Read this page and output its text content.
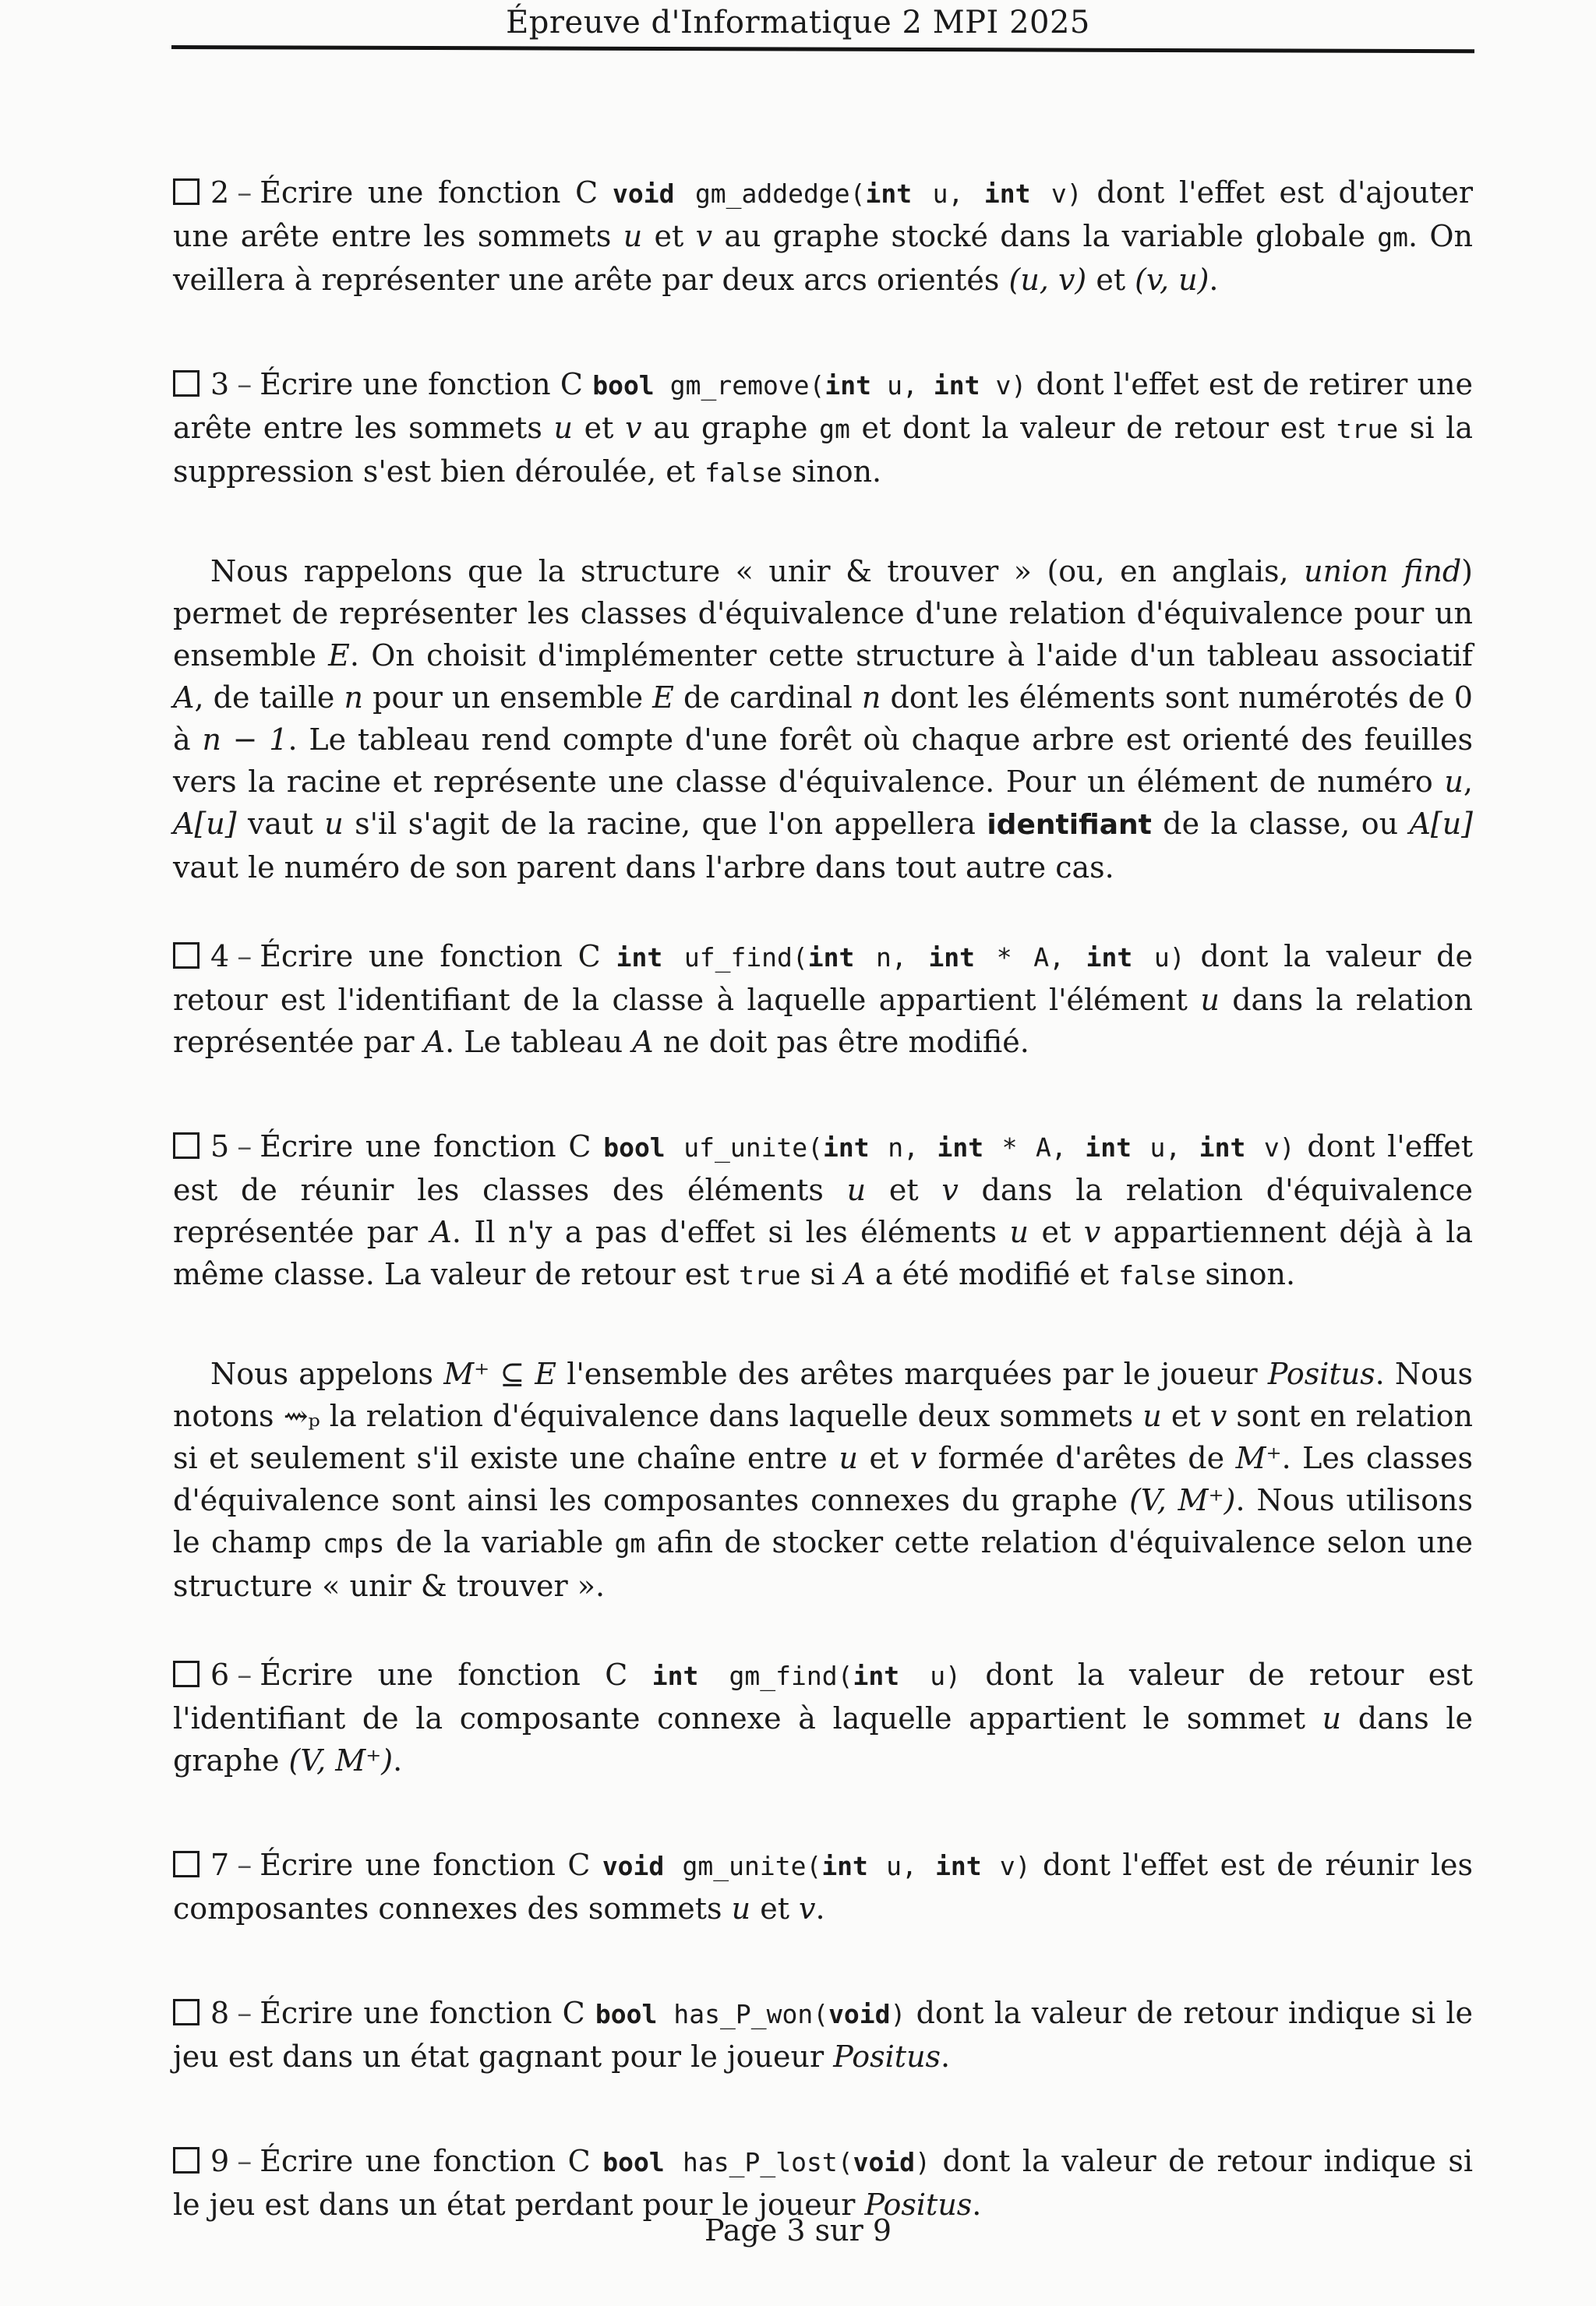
Épreuve d'Informatique 2 MPI 2025

2 – Écrire une fonction C void gm_addedge(int u, int v) dont l'effet est d'ajouter une arête entre les sommets u et v au graphe stocké dans la variable globale gm. On veillera à représenter une arête par deux arcs orientés (u, v) et (v, u).

3 – Écrire une fonction C bool gm_remove(int u, int v) dont l'effet est de retirer une arête entre les sommets u et v au graphe gm et dont la valeur de retour est true si la suppression s'est bien déroulée, et false sinon.

Nous rappelons que la structure « unir & trouver » (ou, en anglais, union find) permet de représenter les classes d'équivalence d'une relation d'équivalence pour un ensemble E. On choisit d'implémenter cette structure à l'aide d'un tableau associatif A, de taille n pour un ensemble E de cardinal n dont les éléments sont numérotés de 0 à n − 1. Le tableau rend compte d'une forêt où chaque arbre est orienté des feuilles vers la racine et représente une classe d'équivalence. Pour un élément de numéro u, A[u] vaut u s'il s'agit de la racine, que l'on appellera identifiant de la classe, ou A[u] vaut le numéro de son parent dans l'arbre dans tout autre cas.

4 – Écrire une fonction C int uf_find(int n, int * A, int u) dont la valeur de retour est l'identifiant de la classe à laquelle appartient l'élément u dans la relation représentée par A. Le tableau A ne doit pas être modifié.

5 – Écrire une fonction C bool uf_unite(int n, int * A, int u, int v) dont l'effet est de réunir les classes des éléments u et v dans la relation d'équivalence représentée par A. Il n'y a pas d'effet si les éléments u et v appartiennent déjà à la même classe. La valeur de retour est true si A a été modifié et false sinon.

Nous appelons M⁺ ⊆ E l'ensemble des arêtes marquées par le joueur Positus. Nous notons ⇝ₚ la relation d'équivalence dans laquelle deux sommets u et v sont en relation si et seulement s'il existe une chaîne entre u et v formée d'arêtes de M⁺. Les classes d'équivalence sont ainsi les composantes connexes du graphe (V, M⁺). Nous utilisons le champ cmps de la variable gm afin de stocker cette relation d'équivalence selon une structure « unir & trouver ».

6 – Écrire une fonction C int gm_find(int u) dont la valeur de retour est l'identifiant de la composante connexe à laquelle appartient le sommet u dans le graphe (V, M⁺).

7 – Écrire une fonction C void gm_unite(int u, int v) dont l'effet est de réunir les composantes connexes des sommets u et v.

8 – Écrire une fonction C bool has_P_won(void) dont la valeur de retour indique si le jeu est dans un état gagnant pour le joueur Positus.

9 – Écrire une fonction C bool has_P_lost(void) dont la valeur de retour indique si le jeu est dans un état perdant pour le joueur Positus.

Page 3 sur 9
